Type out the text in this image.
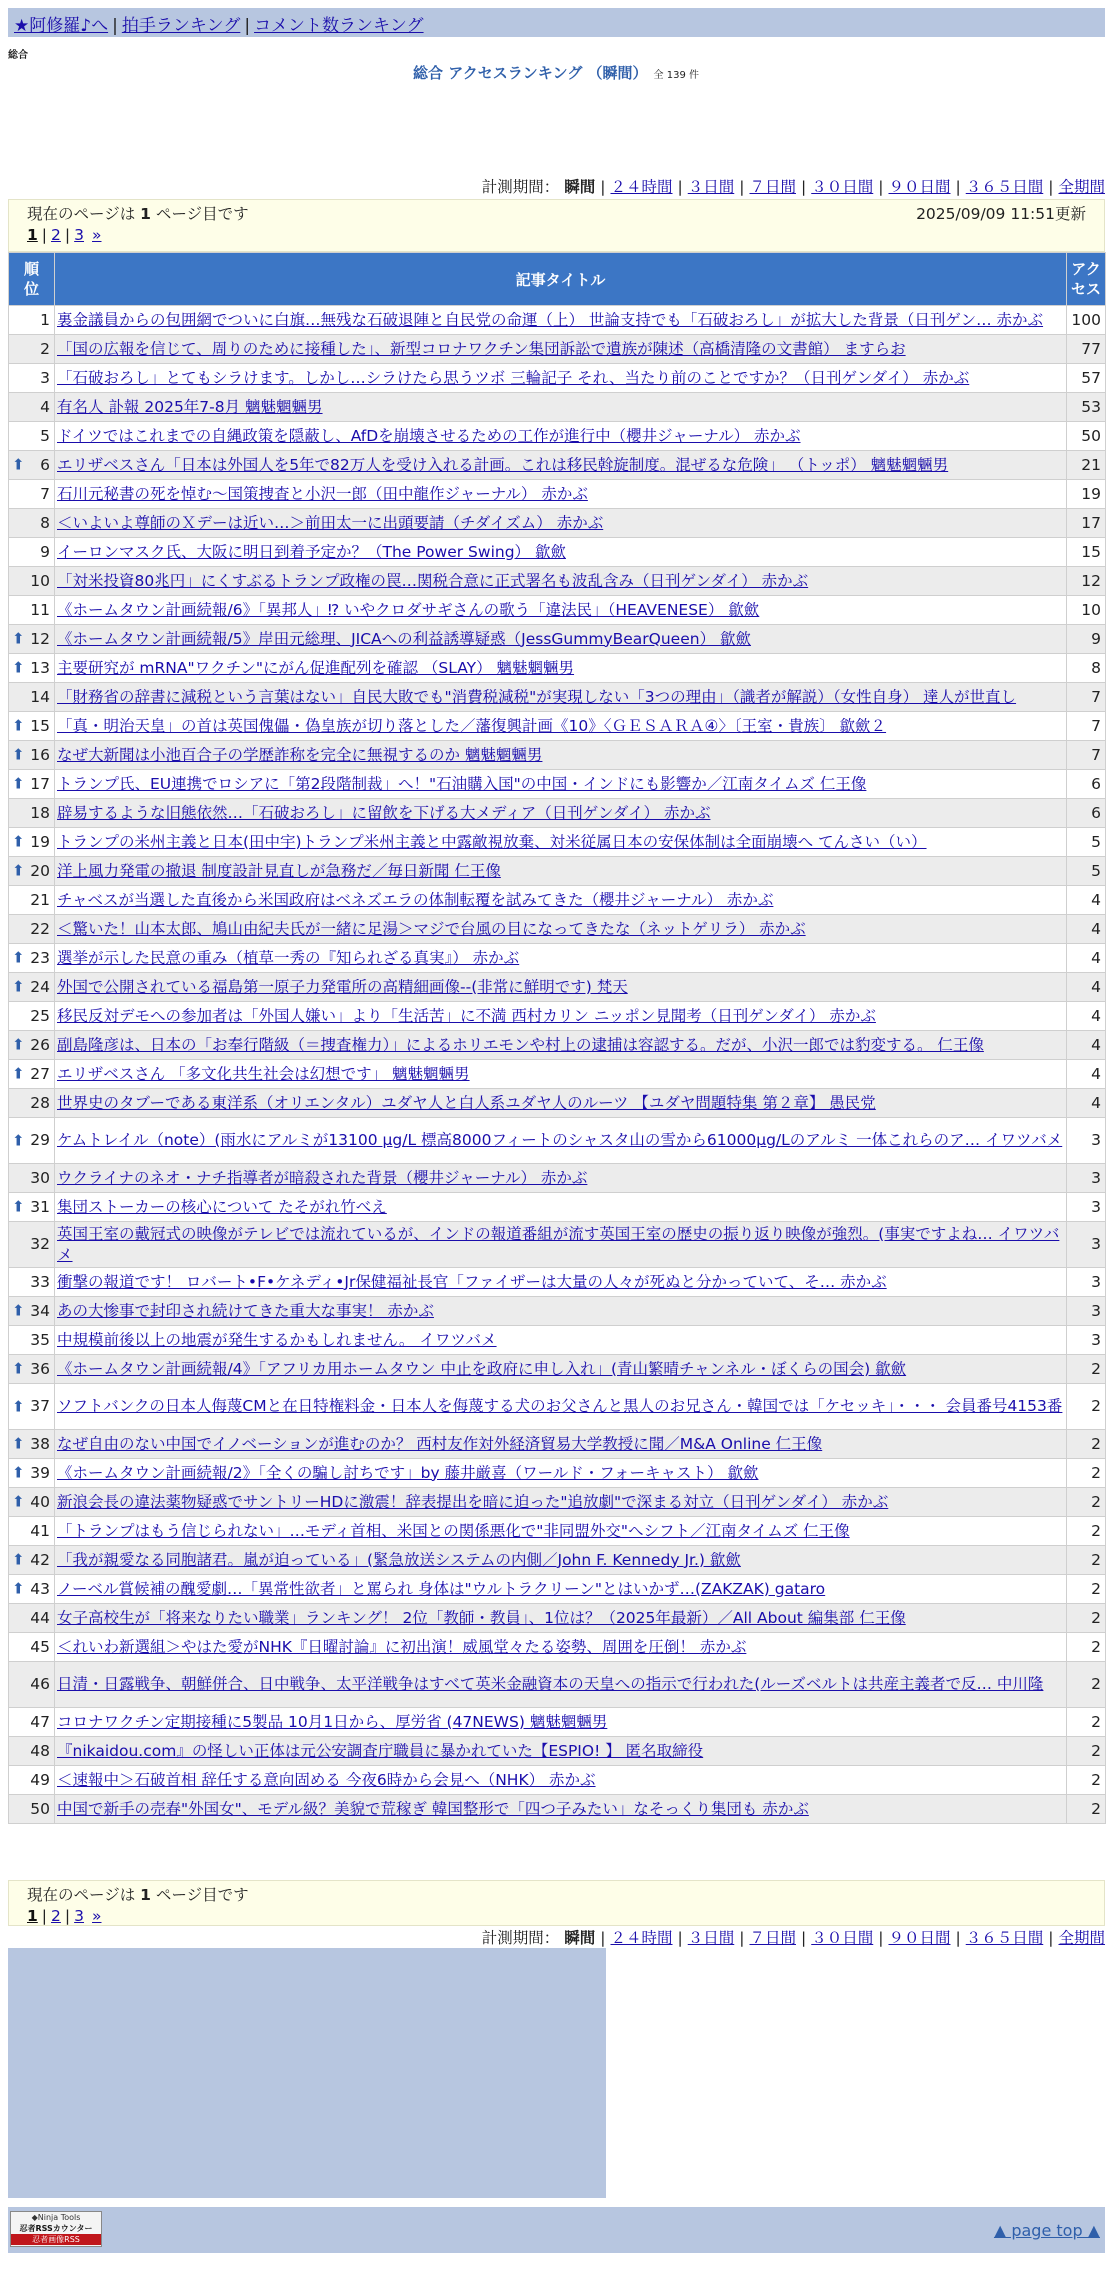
★阿修羅♪へ | 拍手ランキング | コメント数ランキング
総合
総合 アクセスランキング （瞬間） 全 139 件
計測期間： 瞬間 | ２４時間 | ３日間 | ７日間 | ３０日間 | ９０日間 | ３６５日間 | 全期間
現在のページは 1 ページ目です	2025/09/09 11:51更新
1 | 2 | 3 »
順位	記事タイトル	アクセス
1	裏金議員からの包囲網でついに白旗…無残な石破退陣と自民党の命運（上） 世論支持でも「石破おろし」が拡大した背景（日刊ゲン… 赤かぶ	100
2	「国の広報を信じて、周りのために接種した」、新型コロナワクチン集団訴訟で遺族が陳述（高橋清隆の文書館） ますらお	77
3	「石破おろし」とてもシラけます。しかし…シラけたら思うツボ 三輪記子 それ、当たり前のことですか？（日刊ゲンダイ） 赤かぶ	57
4	有名人 訃報 2025年7-8月 魑魅魍魎男	53
5	ドイツではこれまでの自縄政策を隠蔽し、AfDを崩壊させるための工作が進行中（櫻井ジャーナル） 赤かぶ	50

⬆ 6	エリザベスさん「日本は外国人を5年で82万人を受け入れる計画。これは移民斡旋制度。混ぜるな危険」 （トッポ） 魑魅魍魎男	21
7	石川元秘書の死を悼む〜国策捜査と小沢一郎（田中龍作ジャーナル） 赤かぶ	19
8	＜いよいよ尊師のＸデーは近い…＞前田太一に出頭要請（チダイズム） 赤かぶ	17
9	イーロンマスク氏、大阪に明日到着予定か？（The Power Swing） 歙歛	15
10	「対米投資80兆円」にくすぶるトランプ政権の罠…関税合意に正式署名も波乱含み（日刊ゲンダイ） 赤かぶ	12
11	《ホームタウン計画続報/6》「異邦人」⁉ いやクロダサギさんの歌う「違法民」（HEAVENESE） 歙歛	10

⬆ 12	《ホームタウン計画続報/5》岸田元総理、JICAへの利益誘導疑惑（JessGummyBearQueen） 歙歛	9

⬆ 13	主要研究が mRNA"ワクチン"にがん促進配列を確認 （SLAY） 魑魅魍魎男	8
14	「財務省の辞書に減税という言葉はない」自民大敗でも"消費税減税"が実現しない「3つの理由」（識者が解説）（女性自身） 達人が世直し	7

⬆ 15	「真・明治天皇」の首は英国傀儡・偽皇族が切り落とした／藩復興計画《10》〈ＧＥＳＡＲＡ④〉〔王室・貴族〕 歙歛２	7

⬆ 16	なぜ大新聞は小池百合子の学歴詐称を完全に無視するのか 魑魅魍魎男	7

⬆ 17	トランプ氏、EU連携でロシアに「第2段階制裁」へ！"石油購入国"の中国・インドにも影響か／江南タイムズ 仁王像	6
18	辟易するような旧態依然…「石破おろし」に留飲を下げる大メディア（日刊ゲンダイ） 赤かぶ	6

⬆ 19	トランプの米州主義と日本(田中宇)トランプ米州主義と中露敵視放棄、対米従属日本の安保体制は全面崩壊へ てんさい（い）	5

⬆ 20	洋上風力発電の撤退 制度設計見直しが急務だ／毎日新聞 仁王像	5
21	チャベスが当選した直後から米国政府はベネズエラの体制転覆を試みてきた（櫻井ジャーナル） 赤かぶ	4
22	＜驚いた！山本太郎、鳩山由紀夫氏が一緒に足湯＞マジで台風の目になってきたな（ネットゲリラ） 赤かぶ	4

⬆ 23	選挙が示した民意の重み（植草一秀の『知られざる真実』） 赤かぶ	4

⬆ 24	外国で公開されている福島第一原子力発電所の高精細画像--(非常に鮮明です) 梵天	4
25	移民反対デモへの参加者は「外国人嫌い」より「生活苦」に不満 西村カリン ニッポン見聞考（日刊ゲンダイ） 赤かぶ	4

⬆ 26	副島隆彦は、日本の「お奉行階級（＝捜査権力）」によるホリエモンや村上の逮捕は容認する。だが、小沢一郎では豹変する。 仁王像	4

⬆ 27	エリザベスさん 「多文化共生社会は幻想です」 魑魅魍魎男	4
28	世界史のタブーである東洋系（オリエンタル）ユダヤ人と白人系ユダヤ人のルーツ 【ユダヤ問題特集 第２章】 愚民党	4

⬆ 29	ケムトレイル（note）(雨水にアルミが13100 μg/L 標高8000フィートのシャスタ山の雪から61000μg/Lのアルミ 一体これらのア… イワツバメ	3
30	ウクライナのネオ・ナチ指導者が暗殺された背景（櫻井ジャーナル） 赤かぶ	3

⬆ 31	集団ストーカーの核心について たそがれ竹べえ	3
32	英国王室の戴冠式の映像がテレビでは流れているが、インドの報道番組が流す英国王室の歴史の振り返り映像が強烈。(事実ですよね… イワツバメ	3
33	衝撃の報道です！ ロバート•F•ケネディ•Jr保健福祉長官「ファイザーは大量の人々が死ぬと分かっていて、そ… 赤かぶ	3

⬆ 34	あの大惨事で封印され続けてきた重大な事実！ 赤かぶ	3
35	中規模前後以上の地震が発生するかもしれません。 イワツバメ	3

⬆ 36	《ホームタウン計画続報/4》「アフリカ用ホームタウン 中止を政府に申し入れ」(青山繁晴チャンネル・ぼくらの国会) 歙歛	2

⬆ 37	ソフトバンクの日本人侮蔑CMと在日特権料金・日本人を侮蔑する犬のお父さんと黒人のお兄さん・韓国では「ケセッキ」・・・ 会員番号4153番	2

⬆ 38	なぜ自由のない中国でイノベーションが進むのか？ 西村友作対外経済貿易大学教授に聞／M&A Online 仁王像	2

⬆ 39	《ホームタウン計画続報/2》「全くの騙し討ちです」by 藤井厳喜（ワールド・フォーキャスト） 歙歛	2

⬆ 40	新浪会長の違法薬物疑惑でサントリーHDに激震！辞表提出を暗に迫った"追放劇"で深まる対立（日刊ゲンダイ） 赤かぶ	2
41	「トランプはもう信じられない」…モディ首相、米国との関係悪化で"非同盟外交"へシフト／江南タイムズ 仁王像	2

⬆ 42	「我が親愛なる同胞諸君。嵐が迫っている」(緊急放送システムの内側／John F. Kennedy Jr.) 歙歛	2

⬆ 43	ノーベル賞候補の醜愛劇…「異常性欲者」と罵られ 身体は"ウルトラクリーン"とはいかず…(ZAKZAK) gataro	2
44	女子高校生が「将来なりたい職業」ランキング！ 2位「教師・教員」、1位は？（2025年最新）／All About 編集部 仁王像	2
45	＜れいわ新選組＞やはた愛がNHK『日曜討論』に初出演！威風堂々たる姿勢、周囲を圧倒！ 赤かぶ	2
46	日清・日露戦争、朝鮮併合、日中戦争、太平洋戦争はすべて英米金融資本の天皇への指示で行われた(ルーズベルトは共産主義者で反… 中川隆	2
47	コロナワクチン定期接種に5製品 10月1日から、厚労省 (47NEWS) 魑魅魍魎男	2
48	『nikaidou.com』の怪しい正体は元公安調査庁職員に暴かれていた【ESPIO! 】 匿名取締役	2
49	＜速報中＞石破首相 辞任する意向固める 今夜6時から会見へ（NHK） 赤かぶ	2
50	中国で新手の売春"外国女"、モデル級？美貌で荒稼ぎ 韓国整形で「四つ子みたい」なそっくり集団も 赤かぶ	2
現在のページは 1 ページ目です
1 | 2 | 3 »
計測期間： 瞬間 | ２４時間 | ３日間 | ７日間 | ３０日間 | ９０日間 | ３６５日間 | 全期間
◆Ninja Tools
忍者RSSカウンター
忍者画像RSS	▲ page top ▲
